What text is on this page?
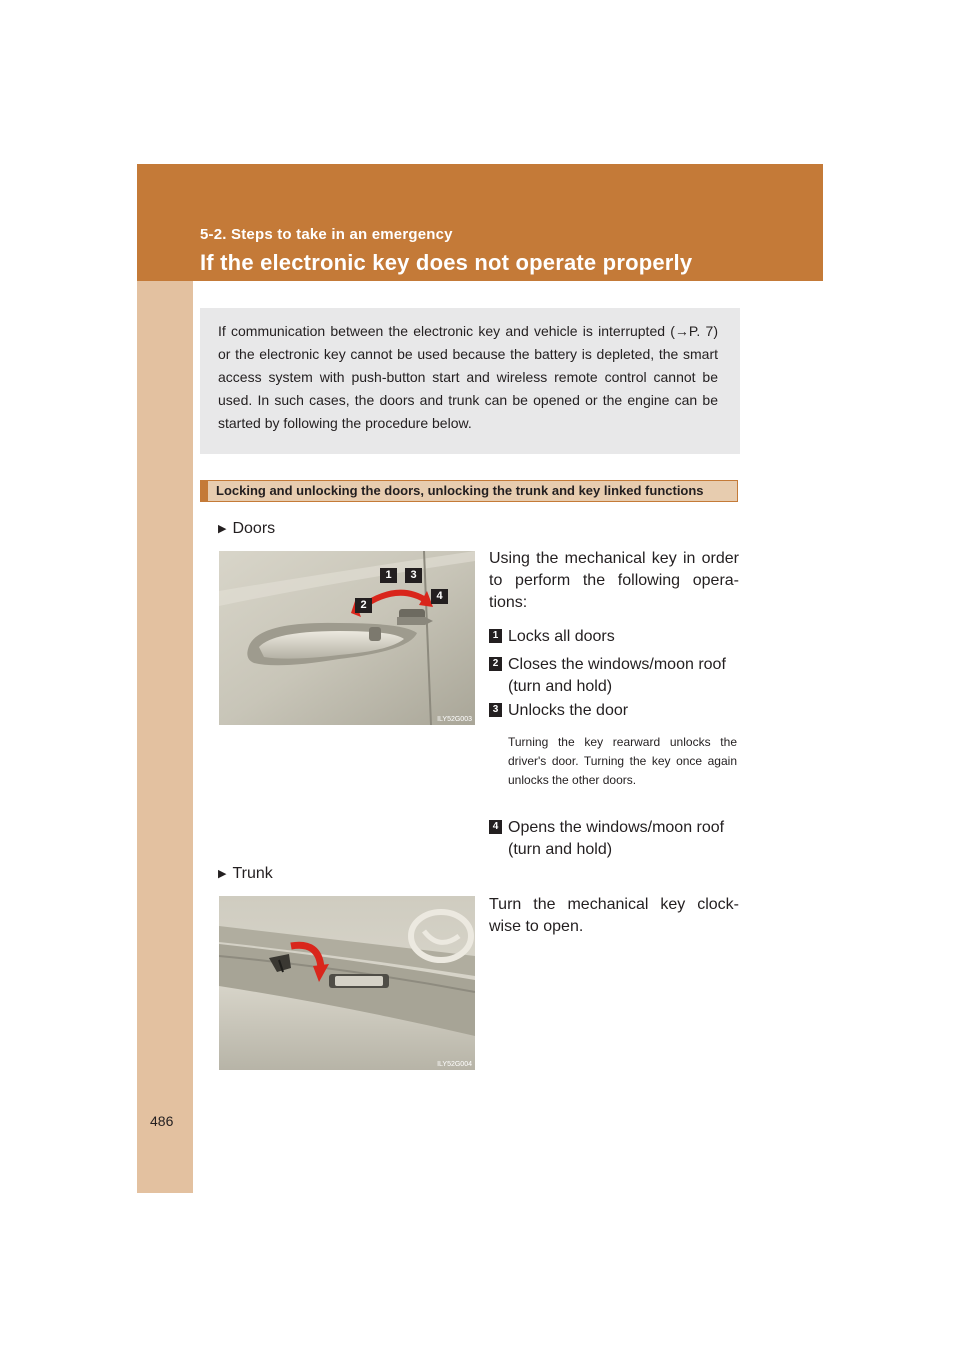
5-2. Steps to take in an emergency
If the electronic key does not operate properly
486
If communication between the electronic key and vehicle is interrupted (→P. 7) or the electronic key cannot be used because the battery is depleted, the smart access system with push-button start and wireless remote control cannot be used. In such cases, the doors and trunk can be opened or the engine can be started by following the procedure below.
Locking and unlocking the doors, unlocking the trunk and key linked functions
▶ Doors
1
2
3
4
ILY52G003
Using the mechanical key in order to perform the following opera-tions:
1 Locks all doors
2 Closes the windows/moon roof (turn and hold)
3 Unlocks the door
Turning the key rearward unlocks the driver's door. Turning the key once again unlocks the other doors.
4 Opens the windows/moon roof (turn and hold)
▶ Trunk
ILY52G004
Turn the mechanical key clock-wise to open.
